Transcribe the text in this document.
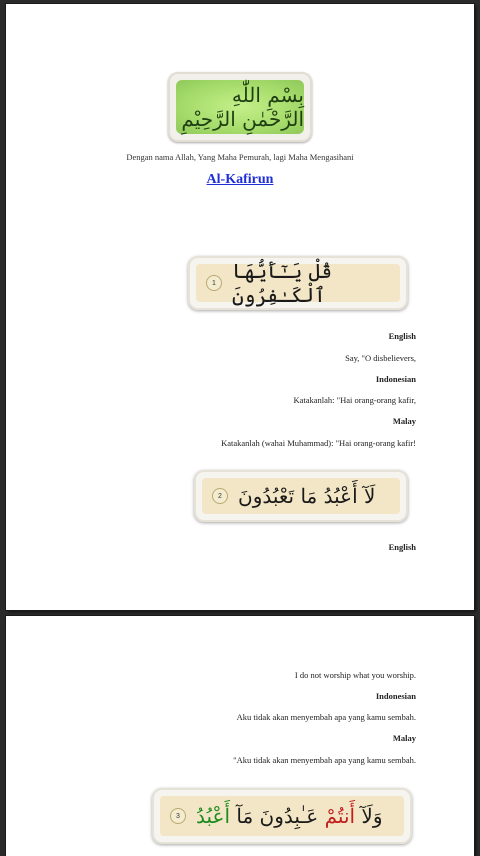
بِسْمِ اللّٰهِ الرَّحْمٰنِ الرَّحِيْمِ
Dengan nama Allah, Yang Maha Pemurah, lagi Maha Mengasihani
Al-Kafirun
قُلْ يَـٰٓأَيُّهَا ٱلْكَـٰفِرُونَ
1
English
Say, "O disbelievers,
Indonesian
Katakanlah: "Hai orang-orang kafir,
Malay
Katakanlah (wahai Muhammad): "Hai orang-orang kafir!
لَآ أَعْبُدُ مَا تَعْبُدُونَ
2
English
I do not worship what you worship.
Indonesian
Aku tidak akan menyembah apa yang kamu sembah.
Malay
"Aku tidak akan menyembah apa yang kamu sembah.
وَلَآ أَنتُمْ عَـٰبِدُونَ مَآ أَعْبُدُ
3
